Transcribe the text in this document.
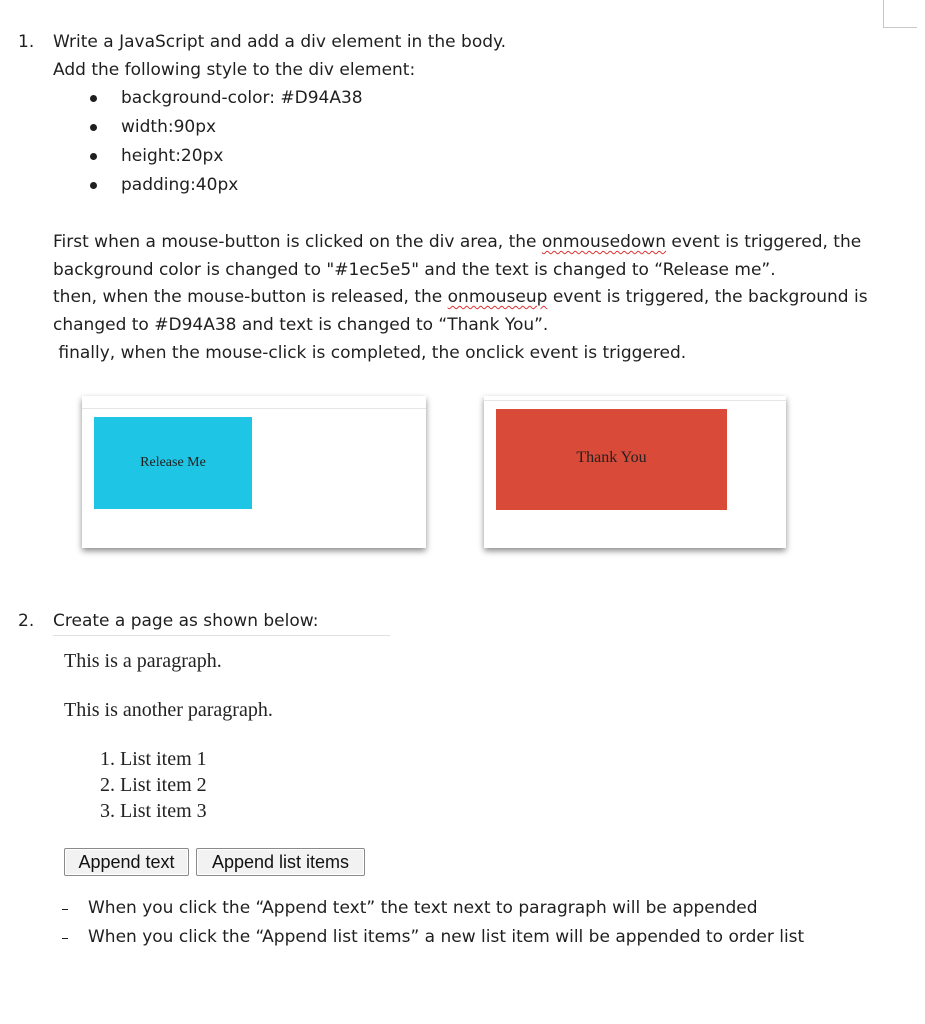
1. Write a JavaScript and add a div element in the body.
Add the following style to the div element:
background-color: #D94A38
width:90px
height:20px
padding:40px
First when a mouse-button is clicked on the div area, the onmousedown event is triggered, the
background color is changed to "#1ec5e5" and the text is changed to “Release me”.
then, when the mouse-button is released, the onmouseup event is triggered, the background is
changed to #D94A38 and text is changed to “Thank You”.
finally, when the mouse-click is completed, the onclick event is triggered.
Release Me	Thank You
2. Create a page as shown below:
This is a paragraph.
This is another paragraph.
1. List item 1
2. List item 2
3. List item 3
Append text	Append list items
When you click the “Append text” the text next to paragraph will be appended
When you click the “Append list items” a new list item will be appended to order list
